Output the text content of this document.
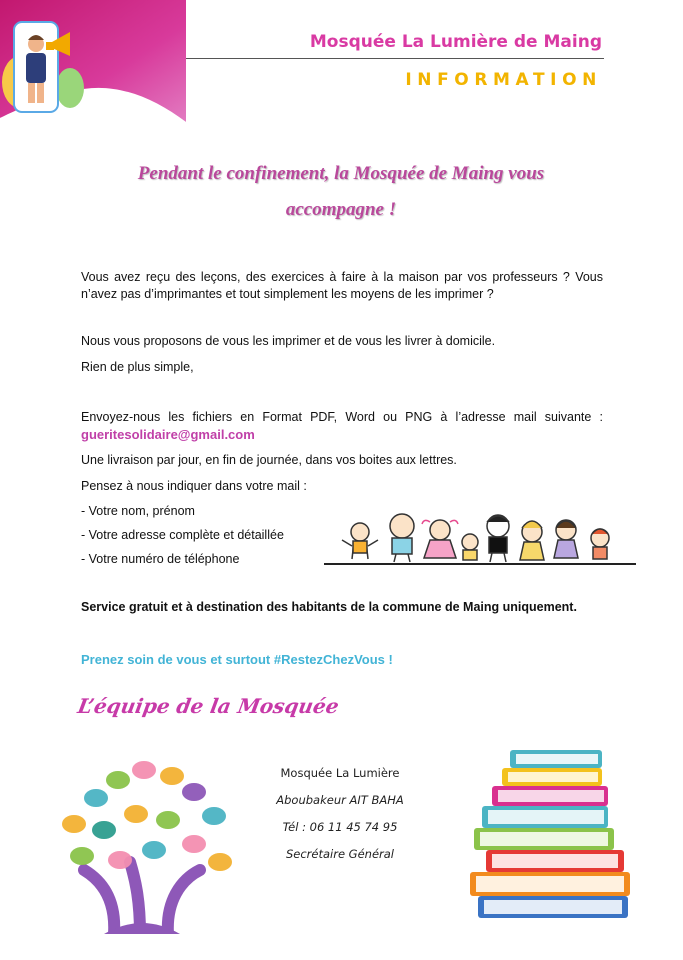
Mosquée La Lumière de Maing
INFORMATION
Pendant le confinement, la Mosquée de Maing vous
accompagne !
Vous avez reçu des leçons, des exercices à faire à la maison par vos professeurs ? Vous n’avez pas d’imprimantes et tout simplement les moyens de les imprimer ?
Nous vous proposons de vous les imprimer et de vous les livrer à domicile.
Rien de plus simple,
Envoyez-nous les fichiers en Format PDF, Word ou PNG à l’adresse mail suivante :
gueritesolidaire@gmail.com
Une livraison par jour, en fin de journée, dans vos boites aux lettres.
Pensez à nous indiquer dans votre mail :
- Votre nom, prénom
- Votre adresse complète et détaillée
- Votre numéro de téléphone
Service gratuit et à destination des habitants de la commune de Maing uniquement.
Prenez soin de vous et surtout #RestezChezVous !
L’équipe de la Mosquée
Mosquée La Lumière
Aboubakeur AIT BAHA
Tél : 06 11 45 74 95
Secrétaire Général
